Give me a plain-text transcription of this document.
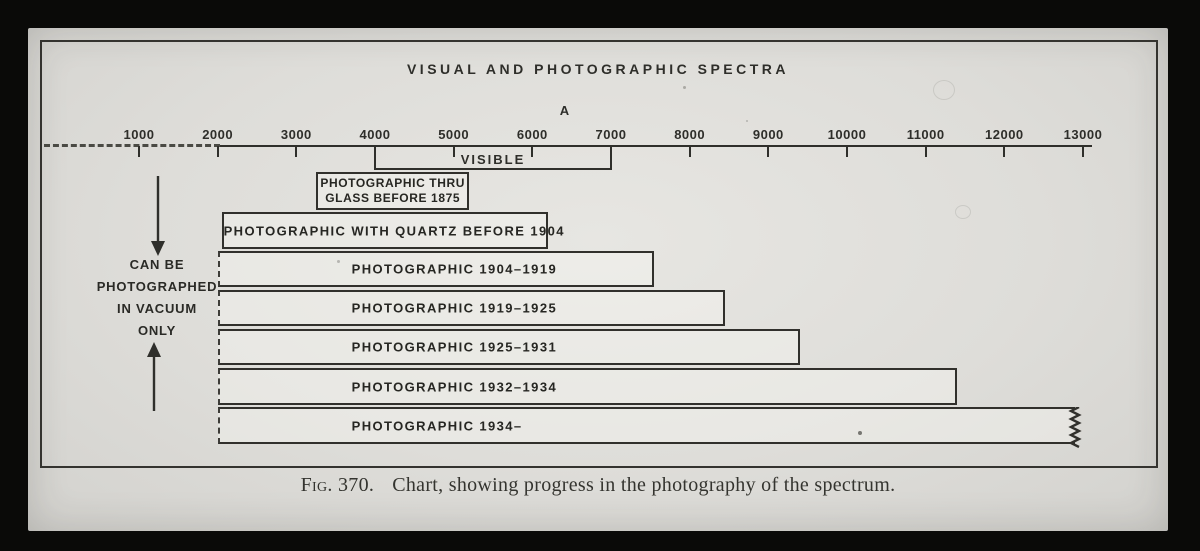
VISUAL AND PHOTOGRAPHIC SPECTRA
A
1000	2000	3000	4000	5000	6000	7000	8000	9000	10000	11000	12000	13000
VISIBLE
PHOTOGRAPHIC THRU
GLASS BEFORE 1875
PHOTOGRAPHIC WITH QUARTZ BEFORE 1904
PHOTOGRAPHIC 1904–1919
PHOTOGRAPHIC 1919–1925
PHOTOGRAPHIC 1925–1931
PHOTOGRAPHIC 1932–1934
PHOTOGRAPHIC 1934–
CAN BE
PHOTOGRAPHED
IN VACUUM
ONLY
Fig. 370. Chart, showing progress in the photography of the spectrum.
